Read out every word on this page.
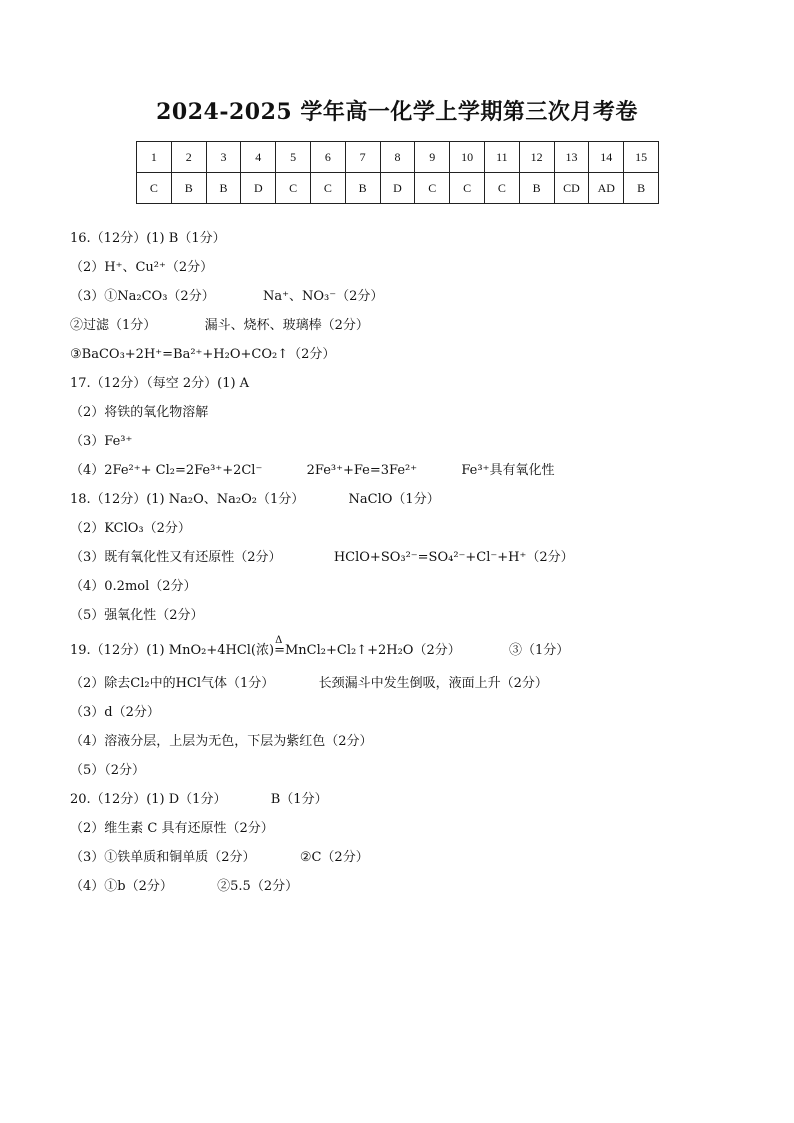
2024-2025 学年高一化学上学期第三次月考卷
1	2	3	4	5	6	7	8	9	10	11	12	13	14	15
C	B	B	D	C	C	B	D	C	C	C	B	CD	AD	B
16.（12分）(1) B（1分）
（2）H⁺、Cu²⁺（2分）
（3）①Na₂CO₃（2分）	Na⁺、NO₃⁻（2分）
②过滤（1分）	漏斗、烧杯、玻璃棒（2分）
③BaCO₃+2H⁺=Ba²⁺+H₂O+CO₂↑（2分）
17.（12分）（每空 2分）(1) A
（2）将铁的氧化物溶解
（3）Fe³⁺
（4）2Fe²⁺+ Cl₂=2Fe³⁺+2Cl⁻	2Fe³⁺+Fe=3Fe²⁺	Fe³⁺具有氧化性
18.（12分）(1) Na₂O、Na₂O₂（1分）	NaClO（1分）
（2）KClO₃（2分）
（3）既有氧化性又有还原性（2分）	HClO+SO₃²⁻=SO₄²⁻+Cl⁻+H⁺（2分）
（4）0.2mol（2分）
（5）强氧化性（2分）
19.（12分）(1) MnO₂+4HCl(浓)
Δ
=MnCl₂+Cl₂↑+2H₂O（2分）	③（1分）
（2）除去Cl₂中的HCl气体（1分）	长颈漏斗中发生倒吸，液面上升（2分）
（3）d（2分）
（4）溶液分层，上层为无色，下层为紫红色（2分）
（5）（2分）
20.（12分）(1) D（1分）	B（1分）
（2）维生素 C 具有还原性（2分）
（3）①铁单质和铜单质（2分）	②C（2分）
（4）①b（2分）	②5.5（2分）
